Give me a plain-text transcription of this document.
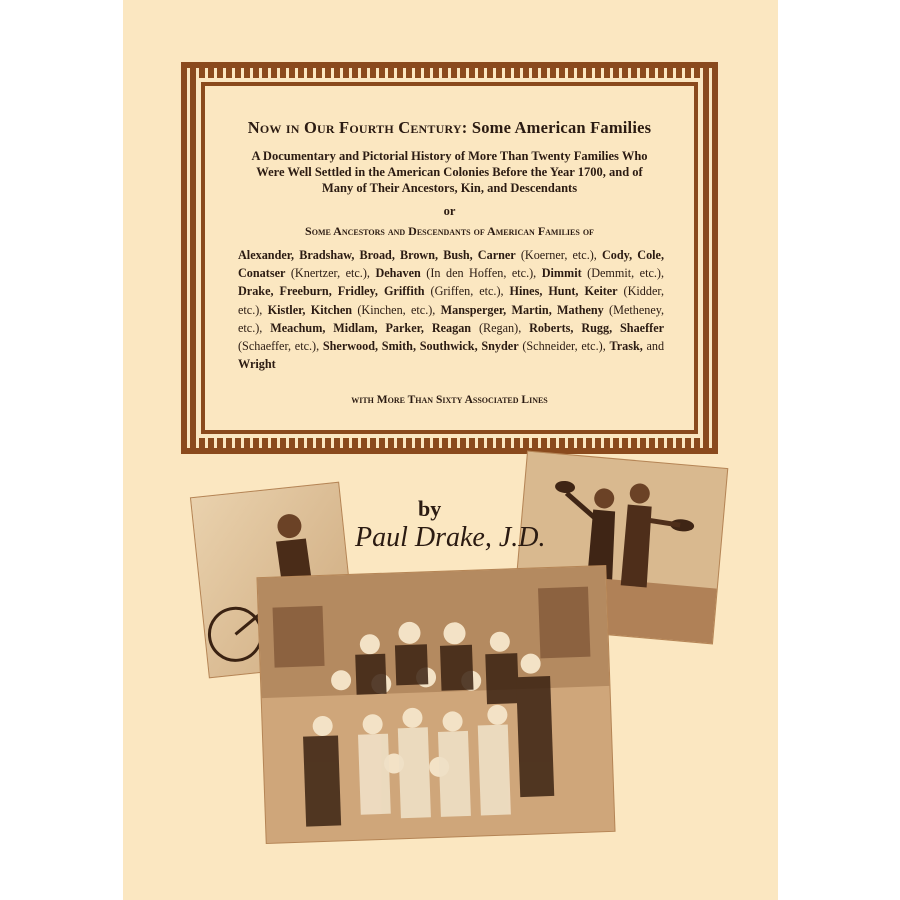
Now in Our Fourth Century: Some American Families
A Documentary and Pictorial History of More Than Twenty Families Who Were Well Settled in the American Colonies Before the Year 1700, and of Many of Their Ancestors, Kin, and Descendants
or
Some Ancestors and Descendants of American Families of
Alexander, Bradshaw, Broad, Brown, Bush, Carner (Koerner, etc.), Cody, Cole, Conatser (Knertzer, etc.), Dehaven (In den Hoffen, etc.), Dimmit (Demmit, etc.), Drake, Freeburn, Fridley, Griffith (Griffen, etc.), Hines, Hunt, Keiter (Kidder, etc.), Kistler, Kitchen (Kinchen, etc.), Mansperger, Martin, Matheny (Metheney, etc.), Meachum, Midlam, Parker, Reagan (Regan), Roberts, Rugg, Shaeffer (Schaeffer, etc.), Sherwood, Smith, Southwick, Snyder (Schneider, etc.), Trask, and Wright
with More Than Sixty Associated Lines
by
Paul Drake, J.D.
